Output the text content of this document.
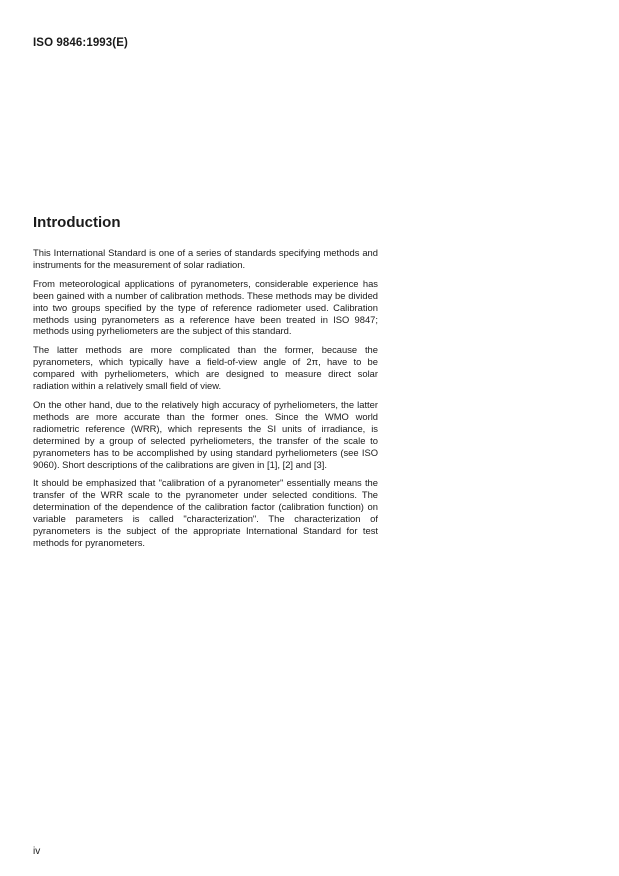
ISO 9846:1993(E)
Introduction

This International Standard is one of a series of standards specifying methods and instruments for the measurement of solar radiation.

From meteorological applications of pyranometers, considerable experience has been gained with a number of calibration methods. These methods may be divided into two groups specified by the type of reference radiometer used. Calibration methods using pyranometers as a reference have been treated in ISO 9847; methods using pyrheliometers are the subject of this standard.

The latter methods are more complicated than the former, because the pyranometers, which typically have a field-of-view angle of 2π, have to be compared with pyrheliometers, which are designed to measure direct solar radiation within a relatively small field of view.

On the other hand, due to the relatively high accuracy of pyrheliometers, the latter methods are more accurate than the former ones. Since the WMO world radiometric reference (WRR), which represents the SI units of irradiance, is determined by a group of selected pyrheliometers, the transfer of the scale to pyranometers has to be accomplished by using standard pyrheliometers (see ISO 9060). Short descriptions of the calibrations are given in [1], [2] and [3].

It should be emphasized that "calibration of a pyranometer" essentially means the transfer of the WRR scale to the pyranometer under selected conditions. The determination of the dependence of the calibration factor (calibration function) on variable parameters is called "characterization". The characterization of pyranometers is the subject of the appropriate International Standard for test methods for pyranometers.

iv
